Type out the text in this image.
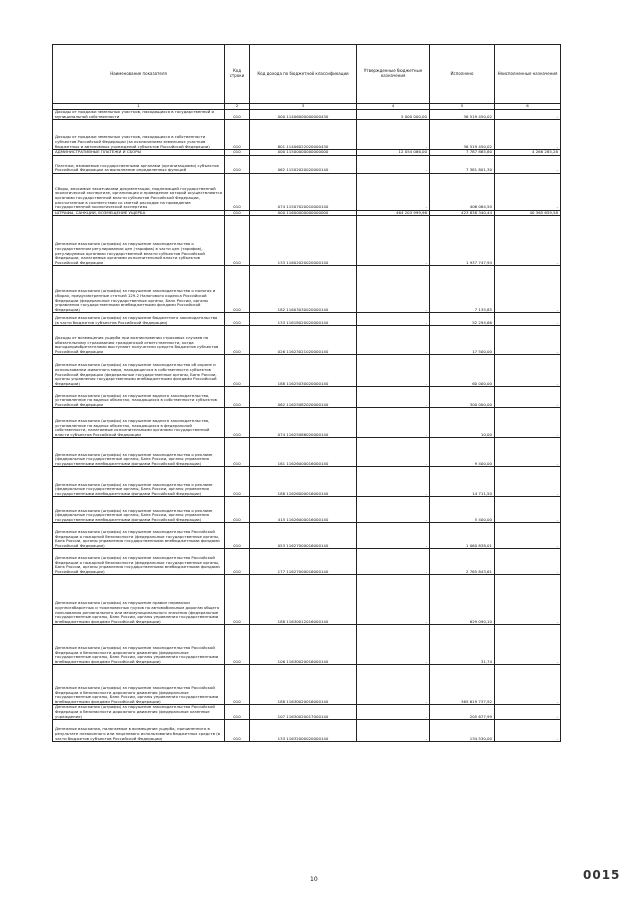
Наименование показателя	Код строки	Код дохода по бюджетной классификации	Утвержденные бюджетные назначения	Исполнено	Неисполненные назначения
1	2	3	4	5	6
Доходы от продажи земельных участков, находящихся в государственной и муниципальной собственности	010	000 11406000000000430	5 000 000,00	36 519 450,02	-
Доходы от продажи земельных участков, находящихся в собственности субъектов Российской Федерации (за исключением земельных участков бюджетных и автономных учреждений субъектов Российской Федерации)	010	801 11406022020000430	-	36 519 450,02	-
АДМИНИСТРАТИВНЫЕ ПЛАТЕЖИ И СБОРЫ	010	000 11500000000000000	12 054 086,00	7 787 865,80	4 266 285,28
Платежи, взимаемые государственными органами (организациями) субъектов Российской Федерации за выполнение определенных функций	010	062 11502020020000140	-	7 381 801,30	-
Сборы, вносимые заказчиками документации, подлежащей государственной экологической экспертизе, организация и проведение которой осуществляются органами государственной власти субъектов Российской Федерации, рассчитанные в соответствии со сметой расходов на проведение государственной экологической экспертизы	010	074 11507020010000140	-	406 064,50	-
ШТРАФЫ, САНКЦИИ, ВОЗМЕЩЕНИЕ УЩЕРБА	010	000 11600000000000000	464 203 999,96	423 838 340,44	40 365 659,58
Денежные взыскания (штрафы) за нарушение законодательства о государственном регулировании цен (тарифов) в части цен (тарифов), регулируемых органами государственной власти субъектов Российской Федерации, налагаемые органами исполнительной власти субъектов Российской Федерации	010	133 11602020020000140	-	1 937 747,94	-
Денежные взыскания (штрафы) за нарушение законодательства о налогах и сборах, предусмотренные статьей 129.2 Налогового кодекса Российской Федерации (федеральные государственные органы, Банк России, органы управления государственными внебюджетными фондами Российской Федерации)	010	182 11603030020000140	-	7 135,85	-
Денежные взыскания (штрафы) за нарушение бюджетного законодательства (в части бюджетов субъектов Российской Федерации)	010	133 11618020020000140	-	52 294,66	-
Доходы от возмещения ущерба при возникновении страховых случаев по обязательному страхованию гражданской ответственности, когда выгодоприобретателями выступают получатели средств бюджетов субъектов Российской Федерации	010	026 11623021020000140	-	17 500,00	-
Денежные взыскания (штрафы) за нарушение законодательства об охране и использовании животного мира, находящегося в собственности субъектов Российской Федерации (федеральные государственные органы, Банк России, органы управления государственными внебюджетными фондами Российской Федерации)	010	188 11625030020000140	-	60 000,00	-
Денежные взыскания (штрафы) за нарушение водного законодательства, установленное на водных объектах, находящихся в собственности субъектов Российской Федерации	010	062 11625082020000140	-	300 000,00	-
Денежные взыскания (штрафы) за нарушение водного законодательства, установленное на водных объектах, находящихся в федеральной собственности, налагаемые исполнительными органами государственной власти субъектов Российской Федерации	010	074 11625086020000140	-	10,00	-
Денежные взыскания (штрафы) за нарушение законодательства о рекламе (федеральные государственные органы, Банк России, органы управления государственными внебюджетными фондами Российской Федерации)	010	161 11626000016000140	-	9 400,00	-
Денежные взыскания (штрафы) за нарушение законодательства о рекламе (федеральные государственные органы, Банк России, органы управления государственными внебюджетными фондами Российской Федерации)	010	188 11626000016000140	-	14 711,50	-
Денежные взыскания (штрафы) за нарушение законодательства о рекламе (федеральные государственные органы, Банк России, органы управления государственными внебюджетными фондами Российской Федерации)	010	415 11626000016000140	-	5 400,00	-
Денежные взыскания (штрафы) за нарушение законодательства Российской Федерации о пожарной безопасности (федеральные государственные органы, Банк России, органы управления государственными внебюджетными фондами Российской Федерации)	010	053 11627000016000140	-	1 060 838,01	-
Денежные взыскания (штрафы) за нарушение законодательства Российской Федерации о пожарной безопасности (федеральные государственные органы, Банк России, органы управления государственными внебюджетными фондами Российской Федерации)	010	177 11627000016000140	-	2 765 843,61	-
Денежные взыскания (штрафы) за нарушение правил перевозки крупногабаритных и тяжеловесных грузов по автомобильным дорогам общего пользования регионального или межмуниципального значения (федеральные государственные органы, Банк России, органы управления государственными внебюджетными фондами Российской Федерации)	010	188 11630012016000140	-	629 090,10	-
Денежные взыскания (штрафы) за нарушение законодательства Российской Федерации о безопасности дорожного движения (федеральные государственные органы, Банк России, органы управления государственными внебюджетными фондами Российской Федерации)	010	106 11630020016000140	-	31,74	-
Денежные взыскания (штрафы) за нарушение законодательства Российской Федерации о безопасности дорожного движения (федеральные государственные органы, Банк России, органы управления государственными внебюджетными фондами Российской Федерации)	010	188 11630020016000140	-	365 619 737,92	-
Денежные взыскания (штрафы) за нарушение законодательства Российской Федерации о безопасности дорожного движения (федеральные казенные учреждения)	010	107 11630020017000140	-	205 677,99	-
Денежные взыскания, налагаемые в возмещение ущерба, причиненного в результате незаконного или нецелевого использования бюджетных средств (в части бюджетов субъектов Российской Федерации)	010	133 11632000020000140	-	134 530,00	-
10	0015
